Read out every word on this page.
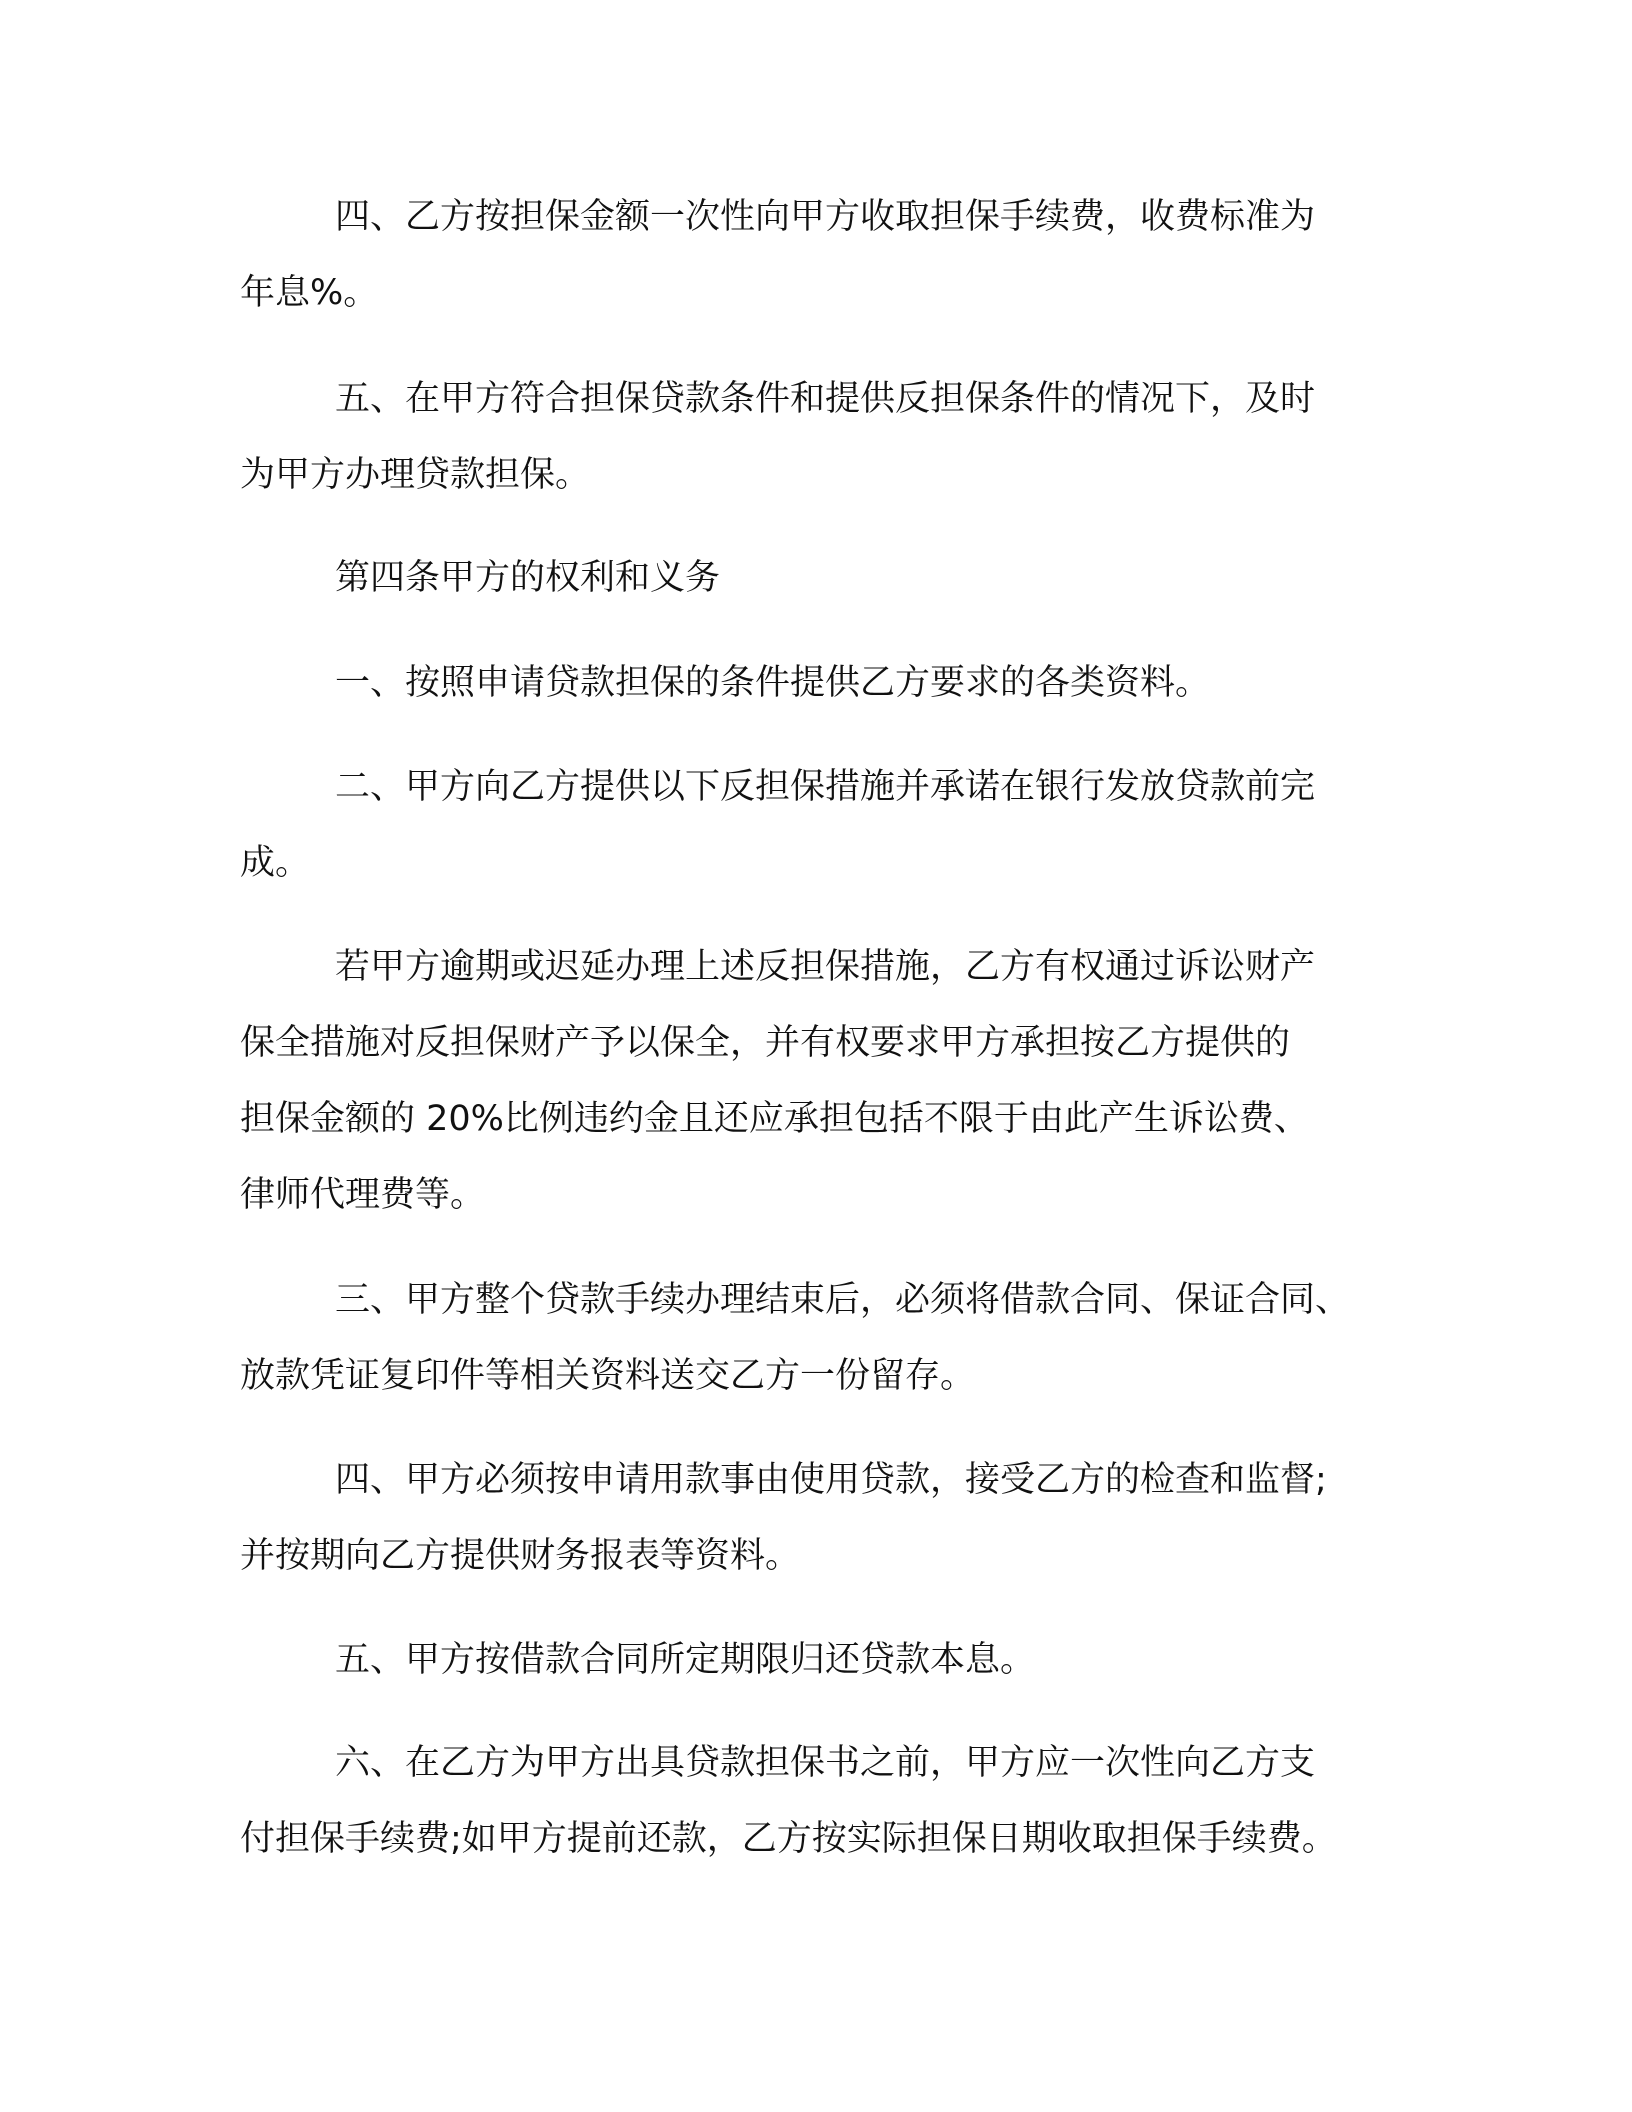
四、乙方按担保金额一次性向甲方收取担保手续费，收费标准为
年息%。
五、在甲方符合担保贷款条件和提供反担保条件的情况下，及时
为甲方办理贷款担保。
第四条甲方的权利和义务
一、按照申请贷款担保的条件提供乙方要求的各类资料。
二、甲方向乙方提供以下反担保措施并承诺在银行发放贷款前完
成。
若甲方逾期或迟延办理上述反担保措施，乙方有权通过诉讼财产
保全措施对反担保财产予以保全，并有权要求甲方承担按乙方提供的
担保金额的 20%比例违约金且还应承担包括不限于由此产生诉讼费、
律师代理费等。
三、甲方整个贷款手续办理结束后，必须将借款合同、保证合同、
放款凭证复印件等相关资料送交乙方一份留存。
四、甲方必须按申请用款事由使用贷款，接受乙方的检查和监督;
并按期向乙方提供财务报表等资料。
五、甲方按借款合同所定期限归还贷款本息。
六、在乙方为甲方出具贷款担保书之前，甲方应一次性向乙方支
付担保手续费;如甲方提前还款，乙方按实际担保日期收取担保手续费。
